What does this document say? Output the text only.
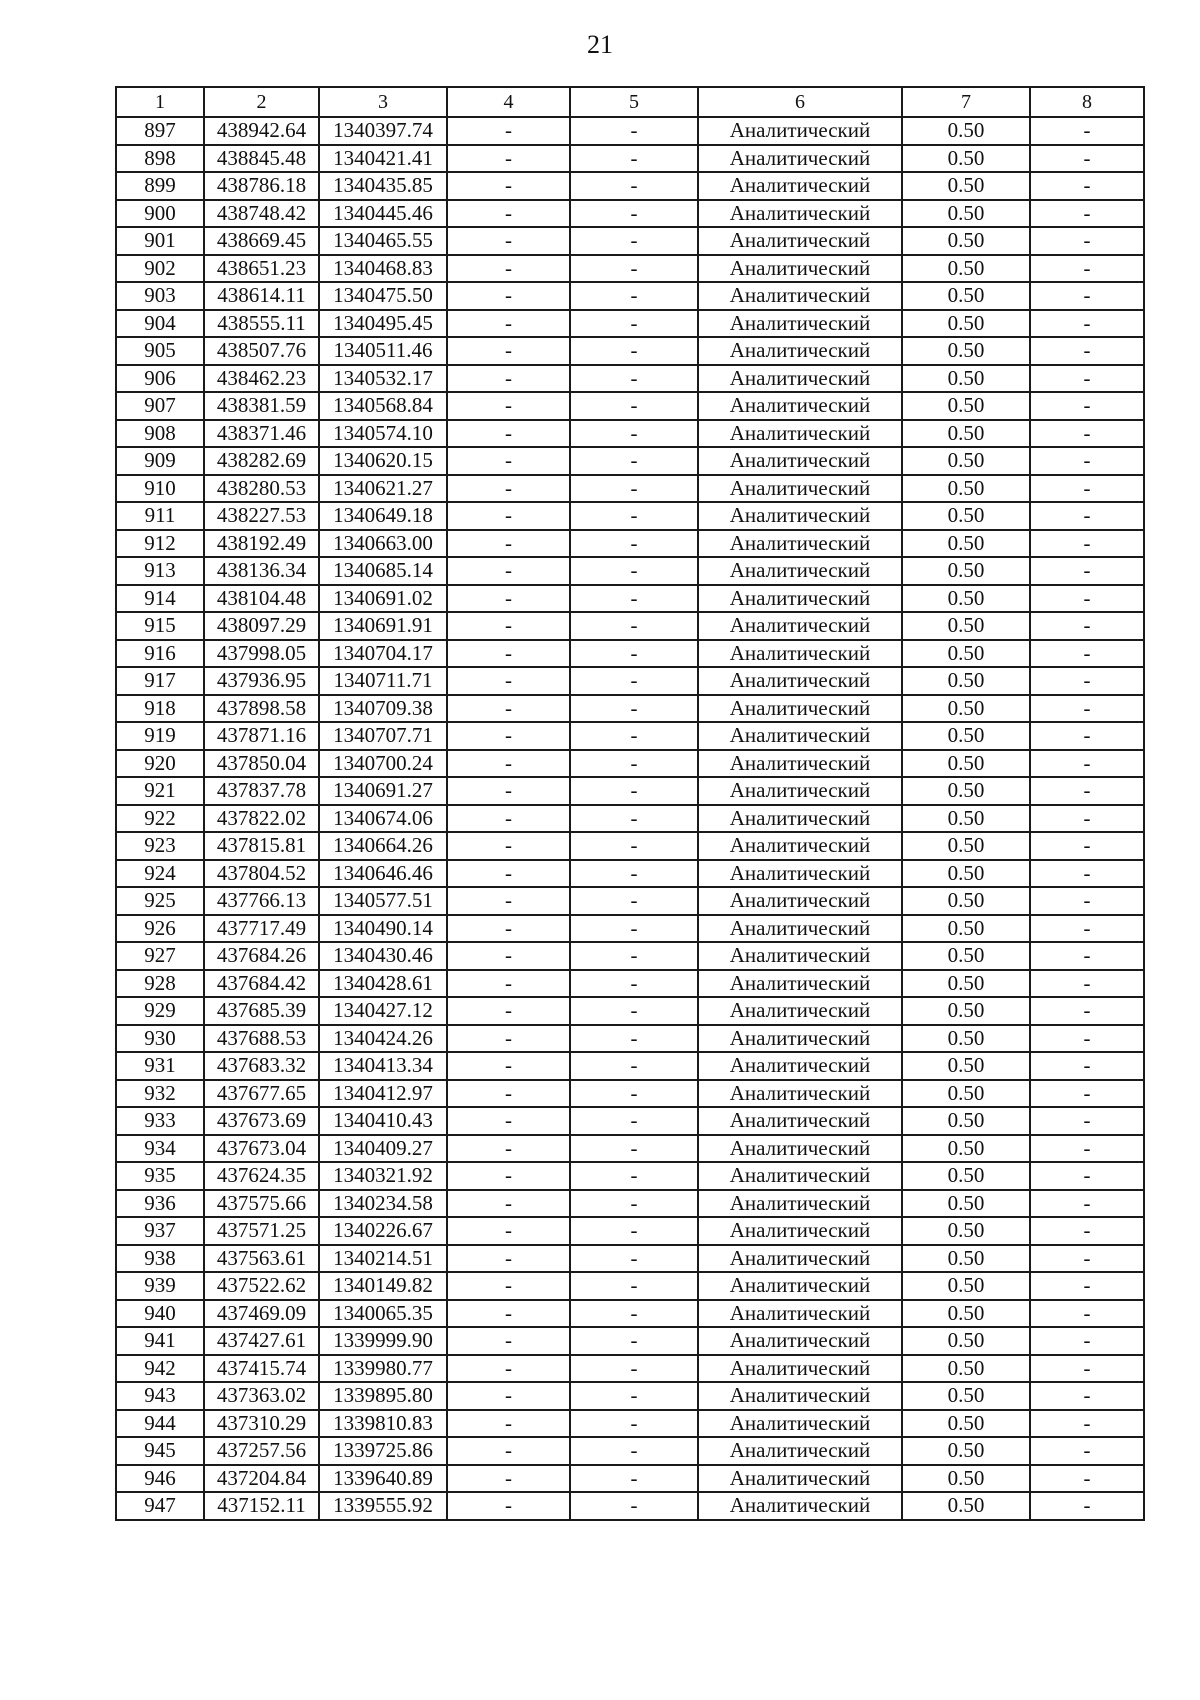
21
1	2	3	4	5	6	7	8
897	438942.64	1340397.74	-	-	Аналитический	0.50	-
898	438845.48	1340421.41	-	-	Аналитический	0.50	-
899	438786.18	1340435.85	-	-	Аналитический	0.50	-
900	438748.42	1340445.46	-	-	Аналитический	0.50	-
901	438669.45	1340465.55	-	-	Аналитический	0.50	-
902	438651.23	1340468.83	-	-	Аналитический	0.50	-
903	438614.11	1340475.50	-	-	Аналитический	0.50	-
904	438555.11	1340495.45	-	-	Аналитический	0.50	-
905	438507.76	1340511.46	-	-	Аналитический	0.50	-
906	438462.23	1340532.17	-	-	Аналитический	0.50	-
907	438381.59	1340568.84	-	-	Аналитический	0.50	-
908	438371.46	1340574.10	-	-	Аналитический	0.50	-
909	438282.69	1340620.15	-	-	Аналитический	0.50	-
910	438280.53	1340621.27	-	-	Аналитический	0.50	-
911	438227.53	1340649.18	-	-	Аналитический	0.50	-
912	438192.49	1340663.00	-	-	Аналитический	0.50	-
913	438136.34	1340685.14	-	-	Аналитический	0.50	-
914	438104.48	1340691.02	-	-	Аналитический	0.50	-
915	438097.29	1340691.91	-	-	Аналитический	0.50	-
916	437998.05	1340704.17	-	-	Аналитический	0.50	-
917	437936.95	1340711.71	-	-	Аналитический	0.50	-
918	437898.58	1340709.38	-	-	Аналитический	0.50	-
919	437871.16	1340707.71	-	-	Аналитический	0.50	-
920	437850.04	1340700.24	-	-	Аналитический	0.50	-
921	437837.78	1340691.27	-	-	Аналитический	0.50	-
922	437822.02	1340674.06	-	-	Аналитический	0.50	-
923	437815.81	1340664.26	-	-	Аналитический	0.50	-
924	437804.52	1340646.46	-	-	Аналитический	0.50	-
925	437766.13	1340577.51	-	-	Аналитический	0.50	-
926	437717.49	1340490.14	-	-	Аналитический	0.50	-
927	437684.26	1340430.46	-	-	Аналитический	0.50	-
928	437684.42	1340428.61	-	-	Аналитический	0.50	-
929	437685.39	1340427.12	-	-	Аналитический	0.50	-
930	437688.53	1340424.26	-	-	Аналитический	0.50	-
931	437683.32	1340413.34	-	-	Аналитический	0.50	-
932	437677.65	1340412.97	-	-	Аналитический	0.50	-
933	437673.69	1340410.43	-	-	Аналитический	0.50	-
934	437673.04	1340409.27	-	-	Аналитический	0.50	-
935	437624.35	1340321.92	-	-	Аналитический	0.50	-
936	437575.66	1340234.58	-	-	Аналитический	0.50	-
937	437571.25	1340226.67	-	-	Аналитический	0.50	-
938	437563.61	1340214.51	-	-	Аналитический	0.50	-
939	437522.62	1340149.82	-	-	Аналитический	0.50	-
940	437469.09	1340065.35	-	-	Аналитический	0.50	-
941	437427.61	1339999.90	-	-	Аналитический	0.50	-
942	437415.74	1339980.77	-	-	Аналитический	0.50	-
943	437363.02	1339895.80	-	-	Аналитический	0.50	-
944	437310.29	1339810.83	-	-	Аналитический	0.50	-
945	437257.56	1339725.86	-	-	Аналитический	0.50	-
946	437204.84	1339640.89	-	-	Аналитический	0.50	-
947	437152.11	1339555.92	-	-	Аналитический	0.50	-
